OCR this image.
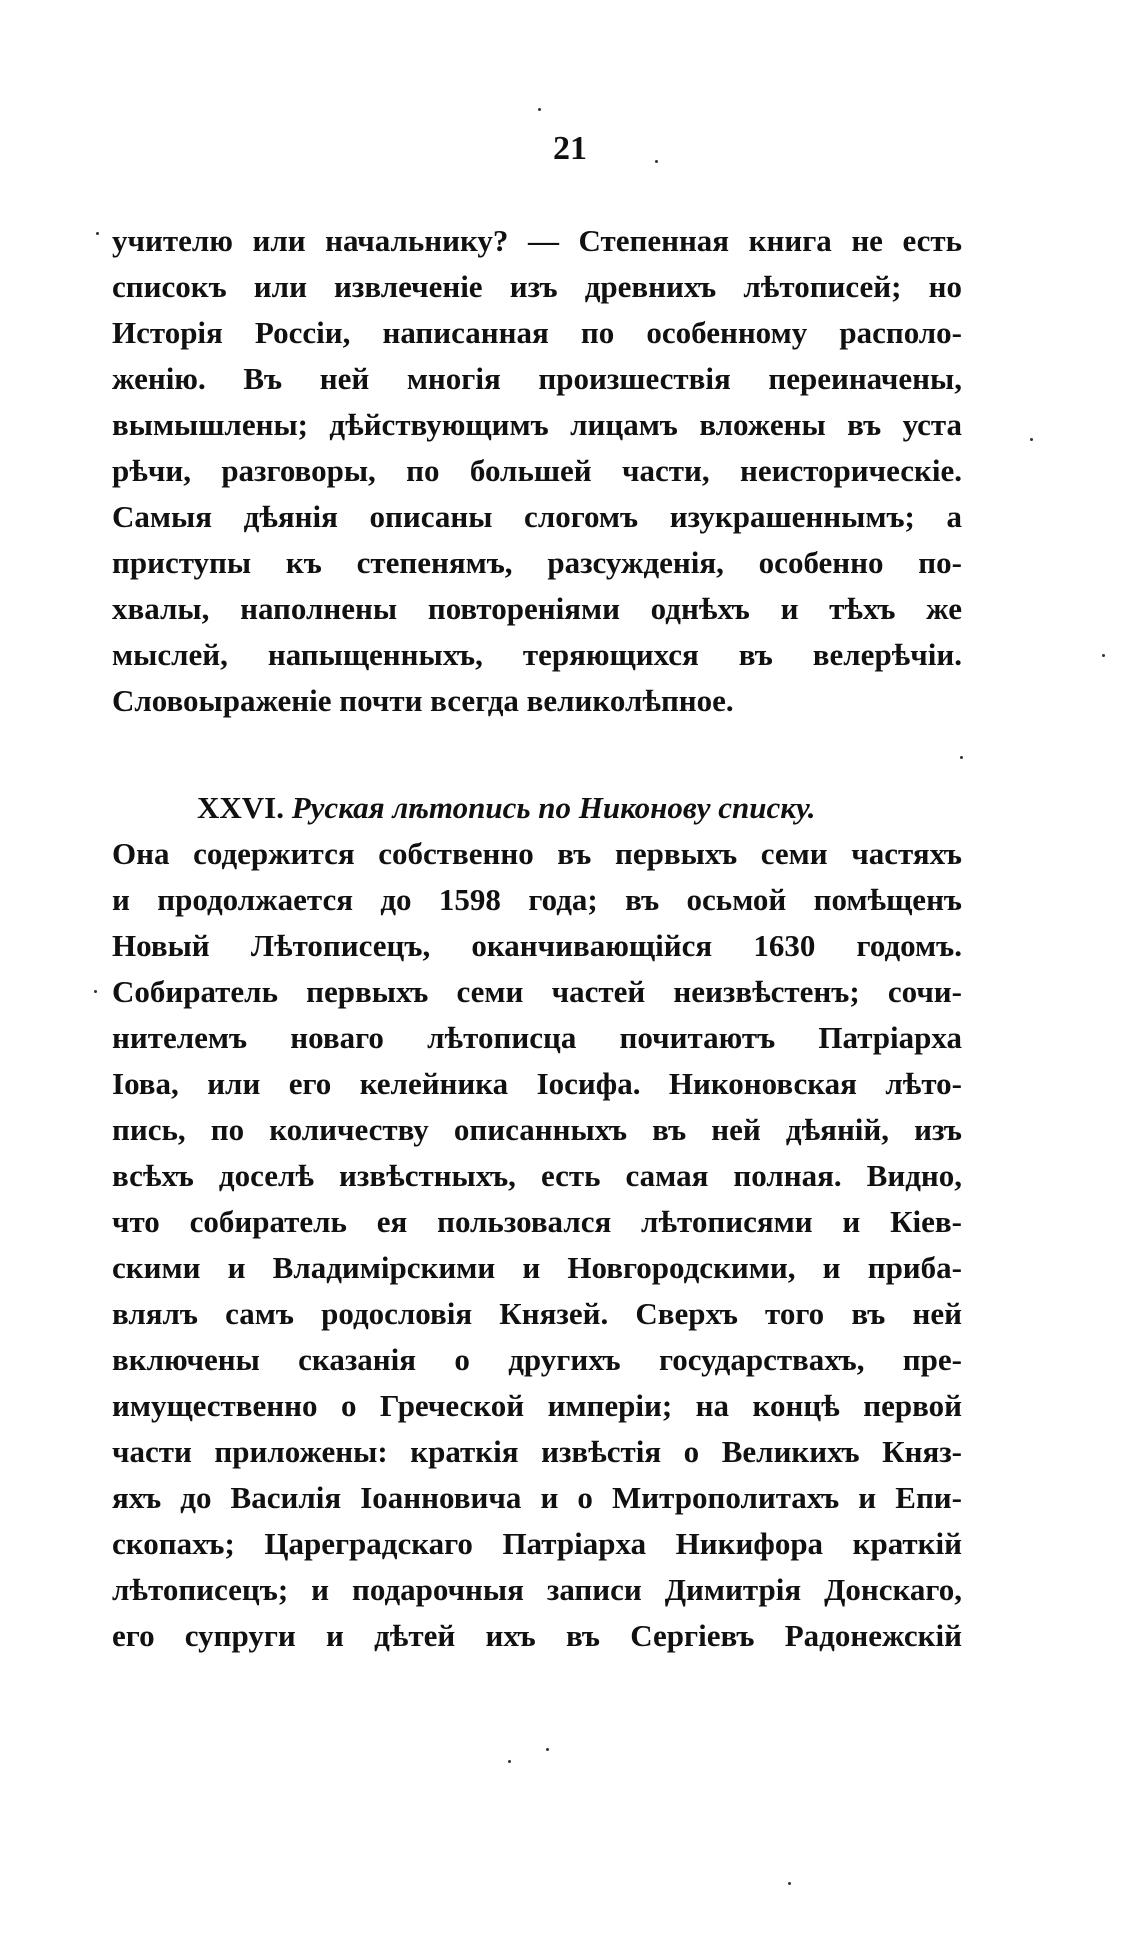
21
учителю или начальнику? — Степенная книга не есть
списокъ или извлеченіе изъ древнихъ лѣтописей; но
Исторія Россіи, написанная по особенному располо-
женію. Въ ней многія произшествія переиначены,
вымышлены; дѣйствующимъ лицамъ вложены въ уста
рѣчи, разговоры, по большей части, неисторическіе.
Самыя дѣянія описаны слогомъ изукрашеннымъ; а
приступы къ степенямъ, разсужденія, особенно по-
хвалы, наполнены повтореніями однѣхъ и тѣхъ же
мыслей, напыщенныхъ, теряющихся въ велерѣчіи.
Словоыраженіе почти всегда великолѣпное.
XXVI. Руская лѣтопись по Никонову списку.
Она содержится собственно въ первыхъ семи частяхъ
и продолжается до 1598 года; въ осьмой помѣщенъ
Новый Лѣтописецъ, оканчивающійся 1630 годомъ.
Собиратель первыхъ семи частей неизвѣстенъ; сочи-
нителемъ новаго лѣтописца почитаютъ Патріарха
Іова, или его келейника Іосифа. Никоновская лѣто-
пись, по количеству описанныхъ въ ней дѣяній, изъ
всѣхъ доселѣ извѣстныхъ, есть самая полная. Видно,
что собиратель ея пользовался лѣтописями и Кіев-
скими и Владимірскими и Новгородскими, и приба-
влялъ самъ родословія Князей. Сверхъ того въ ней
включены сказанія о другихъ государствахъ, пре-
имущественно о Греческой имперіи; на концѣ первой
части приложены: краткія извѣстія о Великихъ Княз-
яхъ до Василія Іоанновича и о Митрополитахъ и Епи-
скопахъ; Цареградскаго Патріарха Никифора краткій
лѣтописецъ; и подарочныя записи Димитрія Донскаго,
его супруги и дѣтей ихъ въ Сергіевъ Радонежскій
